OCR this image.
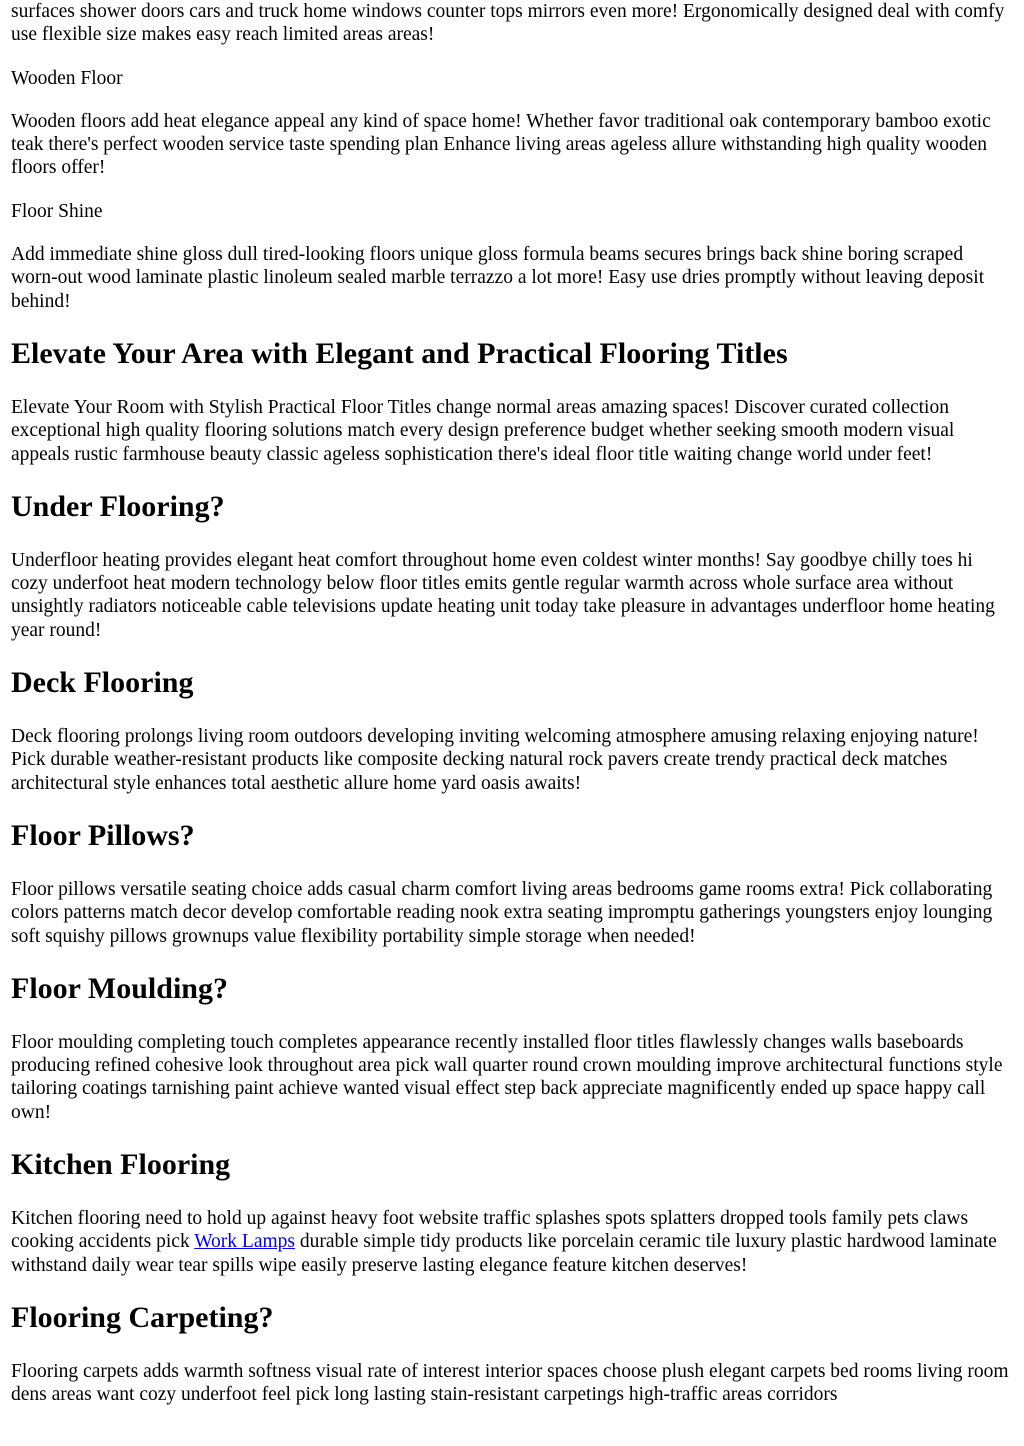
surfaces shower doors cars and truck home windows counter tops mirrors even more! Ergonomically designed deal with comfy use flexible size makes easy reach limited areas areas!

Wooden Floor

Wooden floors add heat elegance appeal any kind of space home! Whether favor traditional oak contemporary bamboo exotic teak there's perfect wooden service taste spending plan Enhance living areas ageless allure withstanding high quality wooden floors offer!

Floor Shine

Add immediate shine gloss dull tired-looking floors unique gloss formula beams secures brings back shine boring scraped worn-out wood laminate plastic linoleum sealed marble terrazzo a lot more! Easy use dries promptly without leaving deposit behind!

Elevate Your Area with Elegant and Practical Flooring Titles

Elevate Your Room with Stylish Practical Floor Titles change normal areas amazing spaces! Discover curated collection exceptional high quality flooring solutions match every design preference budget whether seeking smooth modern visual appeals rustic farmhouse beauty classic ageless sophistication there's ideal floor title waiting change world under feet!

Under Flooring?

Underfloor heating provides elegant heat comfort throughout home even coldest winter months! Say goodbye chilly toes hi cozy underfoot heat modern technology below floor titles emits gentle regular warmth across whole surface area without unsightly radiators noticeable cable televisions update heating unit today take pleasure in advantages underfloor home heating year round!

Deck Flooring

Deck flooring prolongs living room outdoors developing inviting welcoming atmosphere amusing relaxing enjoying nature! Pick durable weather-resistant products like composite decking natural rock pavers create trendy practical deck matches architectural style enhances total aesthetic allure home yard oasis awaits!

Floor Pillows?

Floor pillows versatile seating choice adds casual charm comfort living areas bedrooms game rooms extra! Pick collaborating colors patterns match decor develop comfortable reading nook extra seating impromptu gatherings youngsters enjoy lounging soft squishy pillows grownups value flexibility portability simple storage when needed!

Floor Moulding?

Floor moulding completing touch completes appearance recently installed floor titles flawlessly changes walls baseboards producing refined cohesive look throughout area pick wall quarter round crown moulding improve architectural functions style tailoring coatings tarnishing paint achieve wanted visual effect step back appreciate magnificently ended up space happy call own!

Kitchen Flooring

Kitchen flooring need to hold up against heavy foot website traffic splashes spots splatters dropped tools family pets claws cooking accidents pick Work Lamps durable simple tidy products like porcelain ceramic tile luxury plastic hardwood laminate withstand daily wear tear spills wipe easily preserve lasting elegance feature kitchen deserves!

Flooring Carpeting?

Flooring carpets adds warmth softness visual rate of interest interior spaces choose plush elegant carpets bed rooms living room dens areas want cozy underfoot feel pick long lasting stain-resistant carpetings high-traffic areas corridors
